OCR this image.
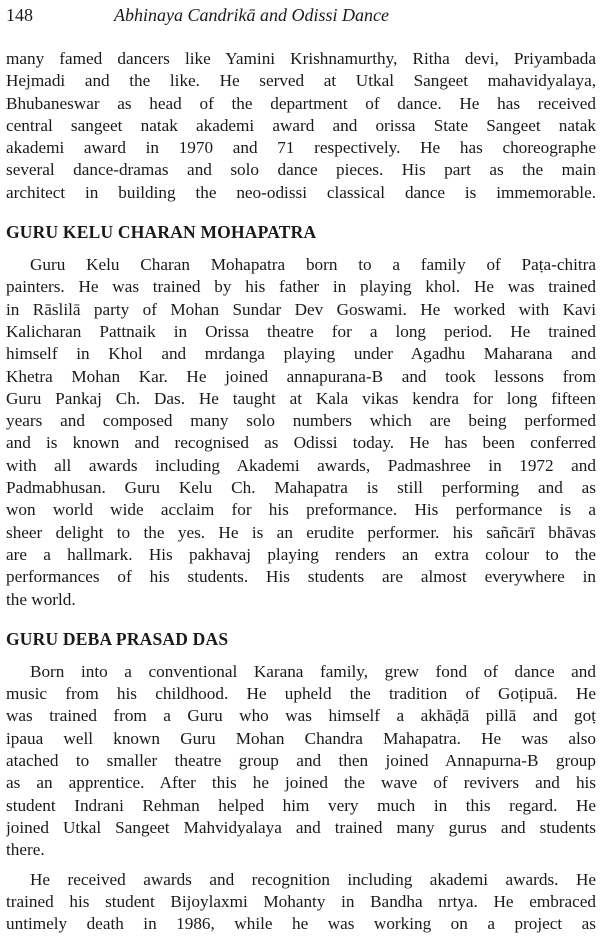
148	Abhinaya Candrikā and Odissi Dance
many famed dancers like Yamini Krishnamurthy, Ritha devi, Priyambada
Hejmadi and the like. He served at Utkal Sangeet mahavidyalaya,
Bhubaneswar as head of the department of dance. He has received
central sangeet natak akademi award and orissa State Sangeet natak
akademi award in 1970 and 71 respectively. He has choreographe
several dance-dramas and solo dance pieces. His part as the main
architect in building the neo-odissi classical dance is immemorable.
GURU KELU CHARAN MOHAPATRA
Guru Kelu Charan Mohapatra born to a family of Paṭa-chitra
painters. He was trained by his father in playing khol. He was trained
in Rāslilā party of Mohan Sundar Dev Goswami. He worked with Kavi
Kalicharan Pattnaik in Orissa theatre for a long period. He trained
himself in Khol and mrdanga playing under Agadhu Maharana and
Khetra Mohan Kar. He joined annapurana-B and took lessons from
Guru Pankaj Ch. Das. He taught at Kala vikas kendra for long fifteen
years and composed many solo numbers which are being performed
and is known and recognised as Odissi today. He has been conferred
with all awards including Akademi awards, Padmashree in 1972 and
Padmabhusan. Guru Kelu Ch. Mahapatra is still performing and as
won world wide acclaim for his preformance. His performance is a
sheer delight to the yes. He is an erudite performer. his sañcārī bhāvas
are a hallmark. His pakhavaj playing renders an extra colour to the
performances of his students. His students are almost everywhere in
the world.
GURU DEBA PRASAD DAS
Born into a conventional Karana family, grew fond of dance and
music from his childhood. He upheld the tradition of Goṭipuā. He
was trained from a Guru who was himself a akhāḍā pillā and goṭ
ipaua well known Guru Mohan Chandra Mahapatra. He was also
atached to smaller theatre group and then joined Annapurna-B group
as an apprentice. After this he joined the wave of revivers and his
student Indrani Rehman helped him very much in this regard. He
joined Utkal Sangeet Mahvidyalaya and trained many gurus and students
there.
He received awards and recognition including akademi awards. He
trained his student Bijoylaxmi Mohanty in Bandha nrtya. He embraced
untimely death in 1986, while he was working on a project as
